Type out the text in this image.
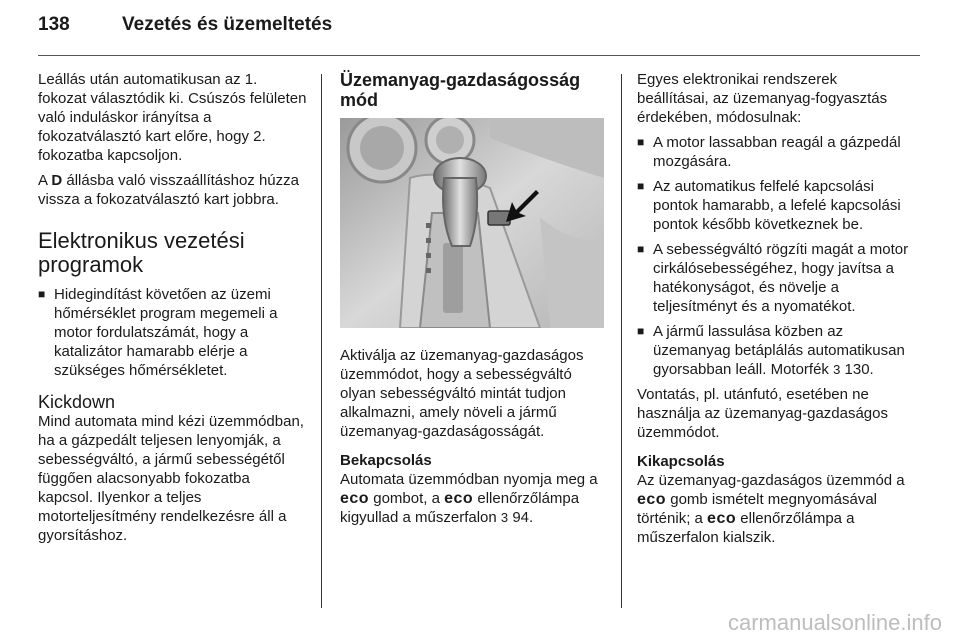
138	Vezetés és üzemeltetés

Leállás után automatikusan az 1. fokozat választódik ki. Csúszós felületen való induláskor irányítsa a fokozatválasztó kart előre, hogy 2. fokozatba kapcsoljon.

A D állásba való visszaállításhoz húzza vissza a fokozatválasztó kart jobbra.

Elektronikus vezetési programok
■ Hidegindítást követően az üzemi hőmérséklet program megemeli a motor fordulatszámát, hogy a katalizátor hamarabb elérje a szükséges hőmérsékletet.
Kickdown

Mind automata mind kézi üzemmódban, ha a gázpedált teljesen lenyomják, a sebességváltó, a jármű sebességétől függően alacsonyabb fokozatba kapcsol. Ilyenkor a teljes motorteljesítmény rendelkezésre áll a gyorsításhoz.

Üzemanyag-gazdaságosság mód

Aktiválja az üzemanyag-gazdaságos üzemmódot, hogy a sebességváltó olyan sebességváltó mintát tudjon alkalmazni, amely növeli a jármű üzemanyag-gazdaságosságát.

Bekapcsolás

Automata üzemmódban nyomja meg a eco gombot, a eco ellenőrzőlámpa kigyullad a műszerfalon 3 94.

Egyes elektronikai rendszerek beállításai, az üzemanyag-fogyasztás érdekében, módosulnak:

■ A motor lassabban reagál a gázpedál mozgására.
■ Az automatikus felfelé kapcsolási pontok hamarabb, a lefelé kapcsolási pontok később következnek be.
■ A sebességváltó rögzíti magát a motor cirkálósebességéhez, hogy javítsa a hatékonyságot, és növelje a teljesítményt és a nyomatékot.
■ A jármű lassulása közben az üzemanyag betáplálás automatikusan gyorsabban leáll. Motorfék 3 130.

Vontatás, pl. utánfutó, esetében ne használja az üzemanyag-gazdaságos üzemmódot.

Kikapcsolás

Az üzemanyag-gazdaságos üzemmód a eco gomb ismételt megnyomásával történik; a eco ellenőrzőlámpa a műszerfalon kialszik.

carmanualsonline.info
